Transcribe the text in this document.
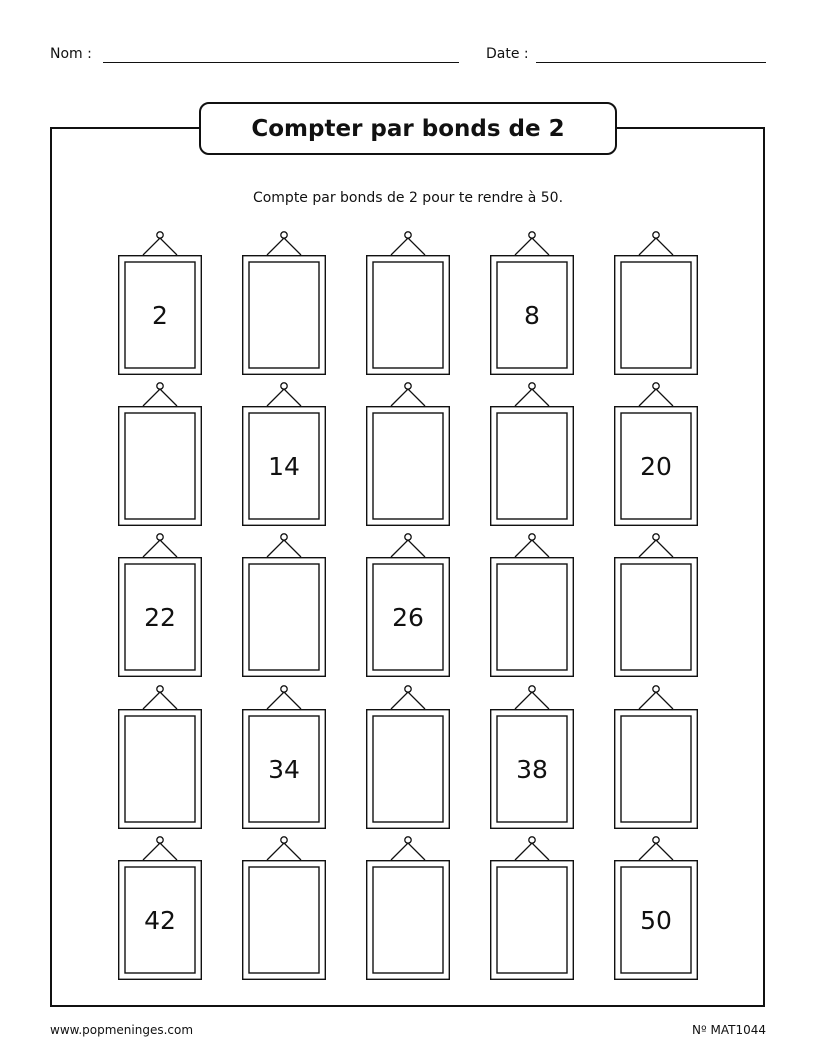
Nom :	Date :
Compter par bonds de 2
Compte par bonds de 2 pour te rendre à 50.
2	8
14	20
22	26
34	38
42	50
www.popmeninges.com	Nº MAT1044
